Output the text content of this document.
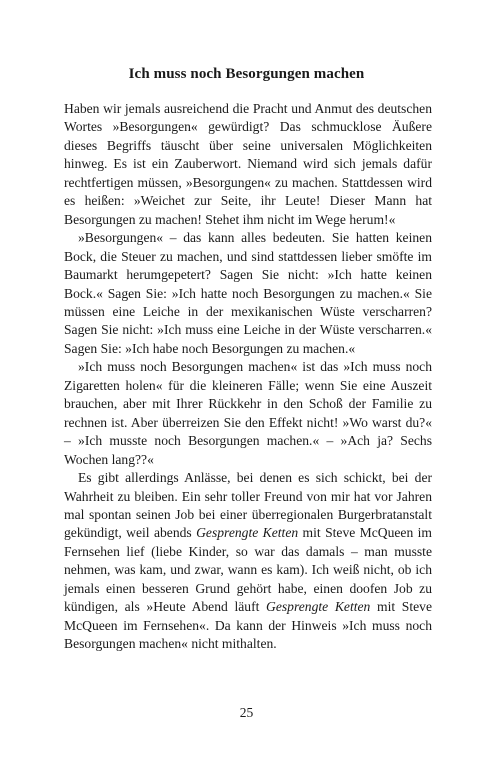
Ich muss noch Besorgungen machen

Haben wir jemals ausreichend die Pracht und Anmut des deutschen Wortes »Besorgungen« gewürdigt? Das schmucklose Äußere dieses Begriffs täuscht über seine universalen Möglichkeiten hinweg. Es ist ein Zauberwort. Niemand wird sich jemals dafür rechtfertigen müssen, »Besorgungen« zu machen. Stattdessen wird es heißen: »Weichet zur Seite, ihr Leute! Dieser Mann hat Besorgungen zu machen! Stehet ihm nicht im Wege herum!«

»Besorgungen« – das kann alles bedeuten. Sie hatten keinen Bock, die Steuer zu machen, und sind stattdessen lieber smöfte im Baumarkt herumgepetert? Sagen Sie nicht: »Ich hatte keinen Bock.« Sagen Sie: »Ich hatte noch Besorgungen zu machen.« Sie müssen eine Leiche in der mexikanischen Wüste verscharren? Sagen Sie nicht: »Ich muss eine Leiche in der Wüste verscharren.« Sagen Sie: »Ich habe noch Besorgungen zu machen.«

»Ich muss noch Besorgungen machen« ist das »Ich muss noch Zigaretten holen« für die kleineren Fälle; wenn Sie eine Auszeit brauchen, aber mit Ihrer Rückkehr in den Schoß der Familie zu rechnen ist. Aber überreizen Sie den Effekt nicht! »Wo warst du?« – »Ich musste noch Besorgungen machen.« – »Ach ja? Sechs Wochen lang??«

Es gibt allerdings Anlässe, bei denen es sich schickt, bei der Wahrheit zu bleiben. Ein sehr toller Freund von mir hat vor Jahren mal spontan seinen Job bei einer überregionalen Burgerbratanstalt gekündigt, weil abends Gesprengte Ketten mit Steve McQueen im Fernsehen lief (liebe Kinder, so war das damals – man musste nehmen, was kam, und zwar, wann es kam). Ich weiß nicht, ob ich jemals einen besseren Grund gehört habe, einen doofen Job zu kündigen, als »Heute Abend läuft Gesprengte Ketten mit Steve McQueen im Fernsehen«. Da kann der Hinweis »Ich muss noch Besorgungen machen« nicht mithalten.

25
